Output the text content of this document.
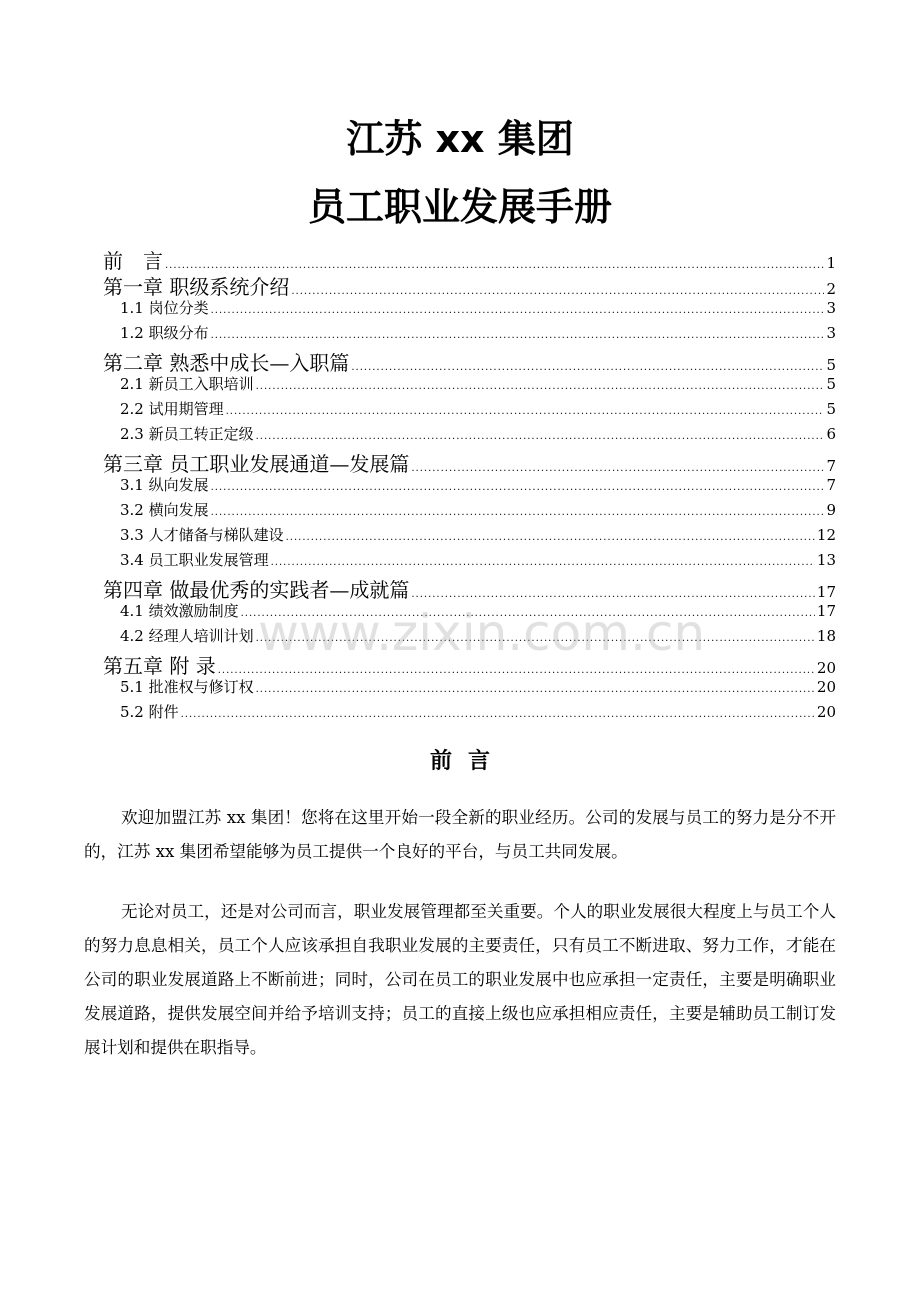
江苏 xx 集团
员工职业发展手册
前　言 .....	1
第一章 职级系统介绍 .....	2
1.1 岗位分类 .....	3
1.2 职级分布 .....	3
第二章 熟悉中成长—入职篇 .....	5
2.1 新员工入职培训 .....	5
2.2 试用期管理 .....	5
2.3 新员工转正定级 .....	6
第三章 员工职业发展通道—发展篇 .....	7
3.1 纵向发展 .....	7
3.2 横向发展 .....	9
3.3 人才储备与梯队建设 .....	12
3.4 员工职业发展管理 .....	13
第四章 做最优秀的实践者—成就篇 .....	17
4.1 绩效激励制度 .....	17
4.2 经理人培训计划 .....	18
第五章 附 录 .....	20
5.1 批准权与修订权 .....	20
5.2 附件 .....	20
www.zixin.com.cn
前言
欢迎加盟江苏 xx 集团！您将在这里开始一段全新的职业经历。公司的发展与员工的努力是分不开的，江苏 xx 集团希望能够为员工提供一个良好的平台，与员工共同发展。
无论对员工，还是对公司而言，职业发展管理都至关重要。个人的职业发展很大程度上与员工个人的努力息息相关，员工个人应该承担自我职业发展的主要责任，只有员工不断进取、努力工作，才能在公司的职业发展道路上不断前进；同时，公司在员工的职业发展中也应承担一定责任，主要是明确职业发展道路，提供发展空间并给予培训支持；员工的直接上级也应承担相应责任，主要是辅助员工制订发展计划和提供在职指导。
